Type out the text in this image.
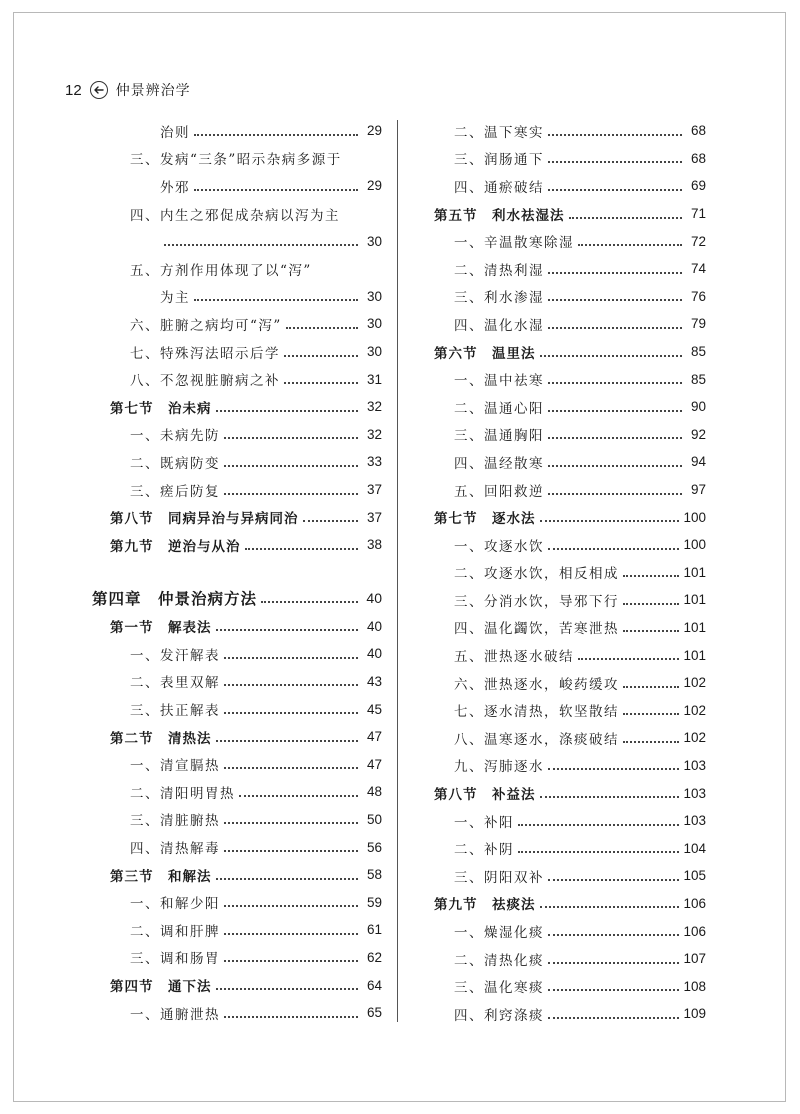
12 仲景辨治学
治则	29
三、发病“三条”昭示杂病多源于
外邪	29
四、内生之邪促成杂病以泻为主
30
五、方剂作用体现了以“泻”
为主	30
六、脏腑之病均可“泻”	30
七、特殊泻法昭示后学	30
八、不忽视脏腑病之补	31
第七节　治未病	32
一、未病先防	32
二、既病防变	33
三、瘥后防复	37
第八节　同病异治与异病同治	37
第九节　逆治与从治	38
第四章　仲景治病方法	40
第一节　解表法	40
一、发汗解表	40
二、表里双解	43
三、扶正解表	45
第二节　清热法	47
一、清宣膈热	47
二、清阳明胃热	48
三、清脏腑热	50
四、清热解毒	56
第三节　和解法	58
一、和解少阳	59
二、调和肝脾	61
三、调和肠胃	62
第四节　通下法	64
一、通腑泄热	65
二、温下寒实	68
三、润肠通下	68
四、通瘀破结	69
第五节　利水祛湿法	71
一、辛温散寒除湿	72
二、清热利湿	74
三、利水渗湿	76
四、温化水湿	79
第六节　温里法	85
一、温中祛寒	85
二、温通心阳	90
三、温通胸阳	92
四、温经散寒	94
五、回阳救逆	97
第七节　逐水法	100
一、攻逐水饮	100
二、攻逐水饮，相反相成	101
三、分消水饮，导邪下行	101
四、温化蠲饮，苦寒泄热	101
五、泄热逐水破结	101
六、泄热逐水，峻药缓攻	102
七、逐水清热，软坚散结	102
八、温寒逐水，涤痰破结	102
九、泻肺逐水	103
第八节　补益法	103
一、补阳	103
二、补阴	104
三、阴阳双补	105
第九节　祛痰法	106
一、燥湿化痰	106
二、清热化痰	107
三、温化寒痰	108
四、利窍涤痰	109
